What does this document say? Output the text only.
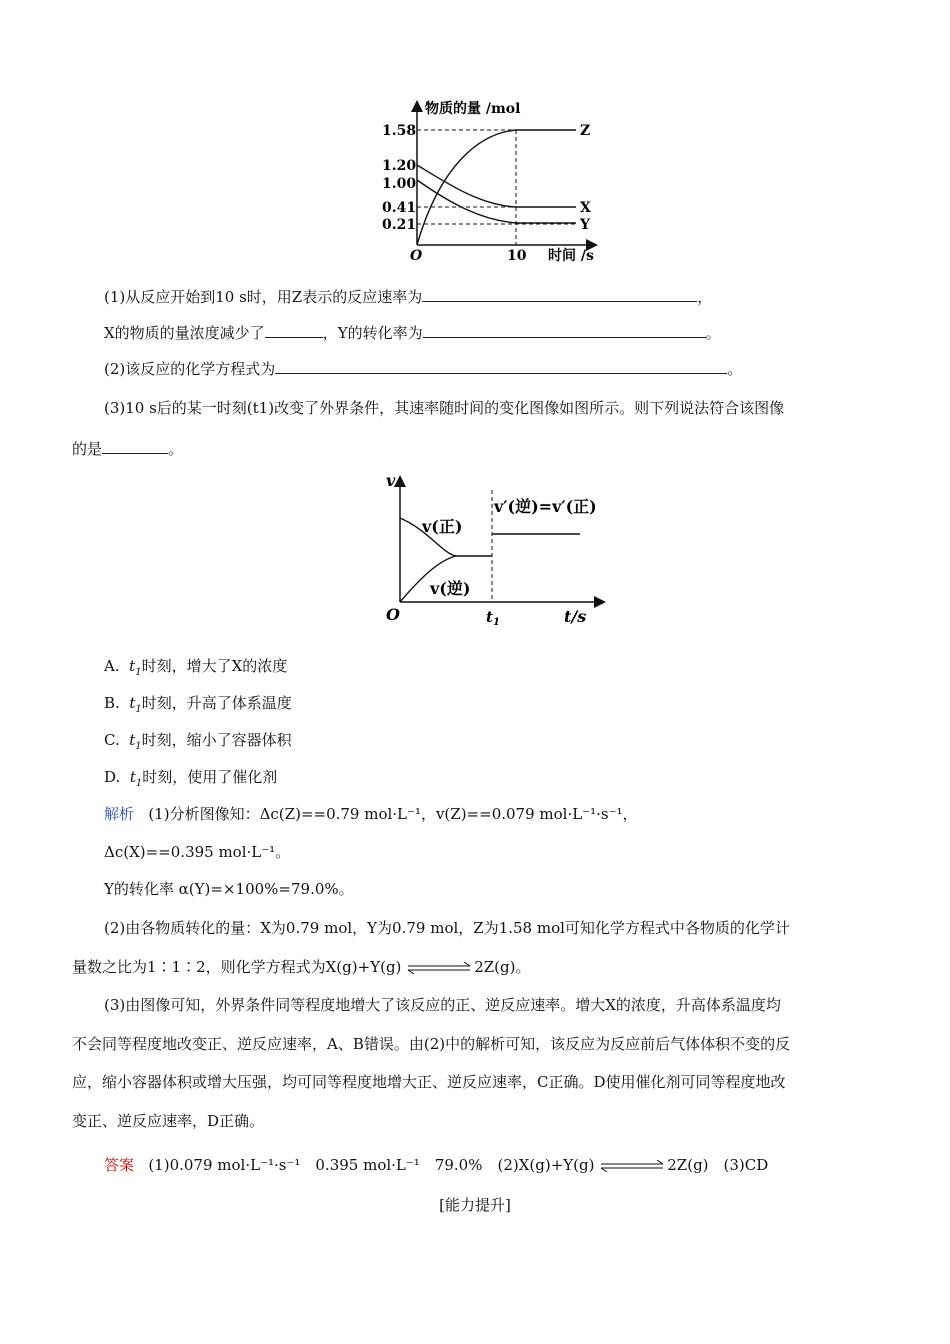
物质的量 /mol
时间 /s
O	10
1.58
1.20
1.00
0.41
0.21
Z
X
Y
(1)从反应开始到10 s时，用Z表示的反应速率为	，
X的物质的量浓度减少了	，Y的转化率为	。
(2)该反应的化学方程式为	。
(3)10 s后的某一时刻(t1)改变了外界条件，其速率随时间的变化图像如图所示。则下列说法符合该图像
的是	。
v
t/s
O	$t_1$
v(正)
v(逆)
v′(逆)=v′(正)
A. $t_1$时刻，增大了X的浓度
B. $t_1$时刻，升高了体系温度
C. $t_1$时刻，缩小了容器体积
D. $t_1$时刻，使用了催化剂
解析 (1)分析图像知：Δc(Z)==0.79 mol·L⁻¹，v(Z)==0.079 mol·L⁻¹·s⁻¹，
Δc(X)==0.395 mol·L⁻¹。
Y的转化率 α(Y)=×100%=79.0%。
(2)由各物质转化的量：X为0.79 mol，Y为0.79 mol，Z为1.58 mol可知化学方程式中各物质的化学计
量数之比为1∶1∶2，则化学方程式为X(g)+Y(g)	2Z(g)。
(3)由图像可知，外界条件同等程度地增大了该反应的正、逆反应速率。增大X的浓度，升高体系温度均
不会同等程度地改变正、逆反应速率，A、B错误。由(2)中的解析可知，该反应为反应前后气体体积不变的反
应，缩小容器体积或增大压强，均可同等程度地增大正、逆反应速率，C正确。D使用催化剂可同等程度地改
变正、逆反应速率，D正确。
答案 (1)0.079 mol·L⁻¹·s⁻¹　0.395 mol·L⁻¹　79.0%　(2)X(g)+Y(g)	2Z(g)　(3)CD
[能力提升]
